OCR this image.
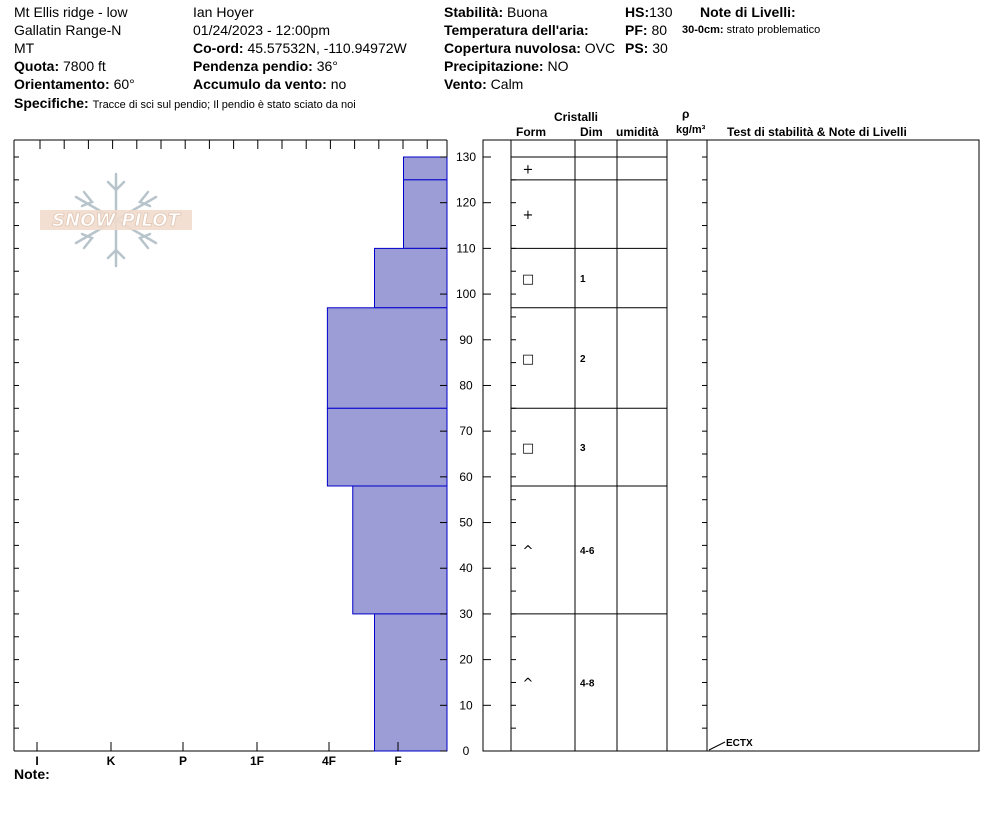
Mt Ellis ridge - low
Gallatin Range-N
MT
Quota: 7800 ft
Orientamento: 60°
Specifiche: Tracce di sci sul pendio; Il pendio è stato sciato da noi
Ian Hoyer
01/24/2023 - 12:00pm
Co-ord: 45.57532N, -110.94972W
Pendenza pendio: 36°
Accumulo da vento: no
Stabilità: Buona
Temperatura dell'aria:
Copertura nuvolosa: OVC
Precipitazione: NO
Vento: Calm
HS:130
PF: 80
PS: 30
Note di Livelli:
30-0cm: strato problematico
Cristalli
Form	Dim umidità
ρ
kg/m³ Test di stabilità & Note di Livelli
SNOW PILOT
Note:
I	K	P	1F	4F	F
0
10
20
30
40
50
60
70
80
90
100
110
120
130
+
+
□	1
□	2
□	3
^	4-6
^	4-8
ECTX
